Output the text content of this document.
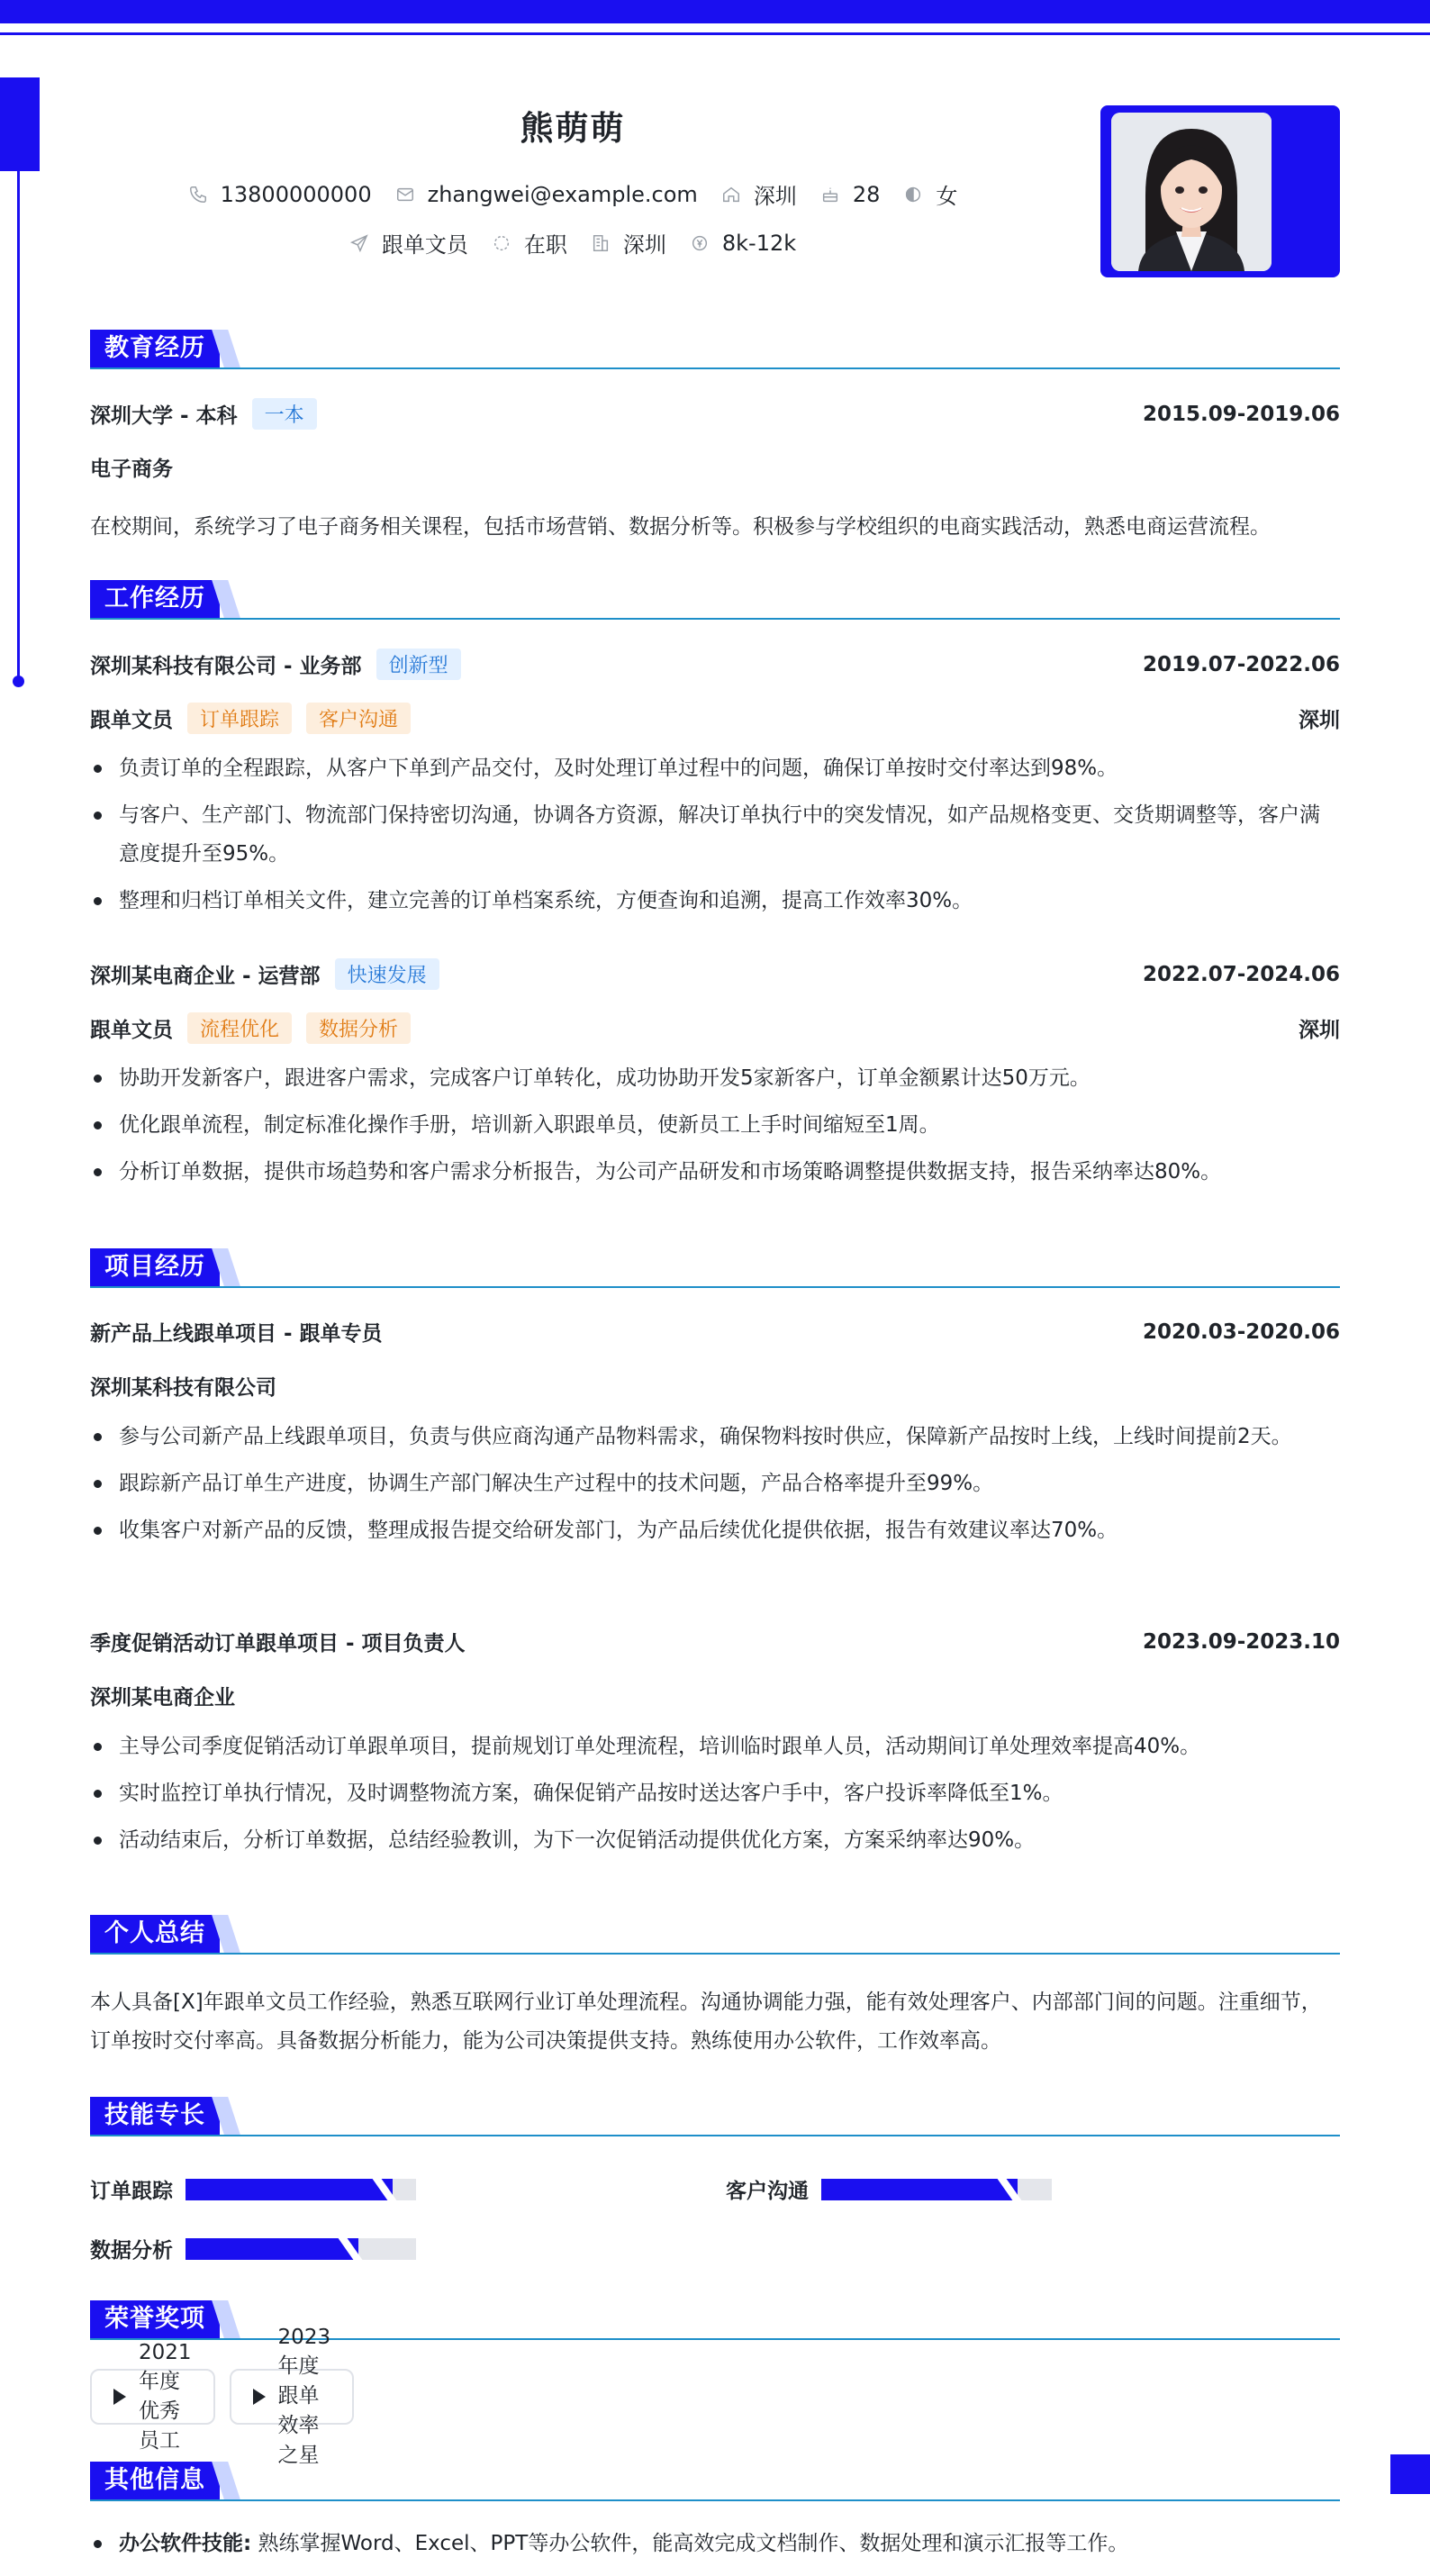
熊萌萌
13800000000	zhangwei@example.com	深圳	28	女
跟单文员	在职	深圳	8k-12k
教育经历
深圳大学 - 本科	一本	2015.09-2019.06
电子商务
在校期间，系统学习了电子商务相关课程，包括市场营销、数据分析等。积极参与学校组织的电商实践活动，熟悉电商运营流程。
工作经历
深圳某科技有限公司 - 业务部	创新型	2019.07-2022.06
跟单文员	订单跟踪	客户沟通	深圳
负责订单的全程跟踪，从客户下单到产品交付，及时处理订单过程中的问题，确保订单按时交付率达到98%。
与客户、生产部门、物流部门保持密切沟通，协调各方资源，解决订单执行中的突发情况，如产品规格变更、交货期调整等，客户满意度提升至95%。
整理和归档订单相关文件，建立完善的订单档案系统，方便查询和追溯，提高工作效率30%。
深圳某电商企业 - 运营部	快速发展	2022.07-2024.06
跟单文员	流程优化	数据分析	深圳
协助开发新客户，跟进客户需求，完成客户订单转化，成功协助开发5家新客户，订单金额累计达50万元。
优化跟单流程，制定标准化操作手册，培训新入职跟单员，使新员工上手时间缩短至1周。
分析订单数据，提供市场趋势和客户需求分析报告，为公司产品研发和市场策略调整提供数据支持，报告采纳率达80%。
项目经历
新产品上线跟单项目 - 跟单专员	2020.03-2020.06
深圳某科技有限公司
参与公司新产品上线跟单项目，负责与供应商沟通产品物料需求，确保物料按时供应，保障新产品按时上线，上线时间提前2天。
跟踪新产品订单生产进度，协调生产部门解决生产过程中的技术问题，产品合格率提升至99%。
收集客户对新产品的反馈，整理成报告提交给研发部门，为产品后续优化提供依据，报告有效建议率达70%。
季度促销活动订单跟单项目 - 项目负责人	2023.09-2023.10
深圳某电商企业
主导公司季度促销活动订单跟单项目，提前规划订单处理流程，培训临时跟单人员，活动期间订单处理效率提高40%。
实时监控订单执行情况，及时调整物流方案，确保促销产品按时送达客户手中，客户投诉率降低至1%。
活动结束后，分析订单数据，总结经验教训，为下一次促销活动提供优化方案，方案采纳率达90%。
个人总结
本人具备[X]年跟单文员工作经验，熟悉互联网行业订单处理流程。沟通协调能力强，能有效处理客户、内部部门间的问题。注重细节，订单按时交付率高。具备数据分析能力，能为公司决策提供支持。熟练使用办公软件，工作效率高。
技能专长
订单跟踪	客户沟通
数据分析
荣誉奖项
2021年度优秀员工
2023年度跟单效率之星
其他信息
办公软件技能: 熟练掌握Word、Excel、PPT等办公软件，能高效完成文档制作、数据处理和演示汇报等工作。
